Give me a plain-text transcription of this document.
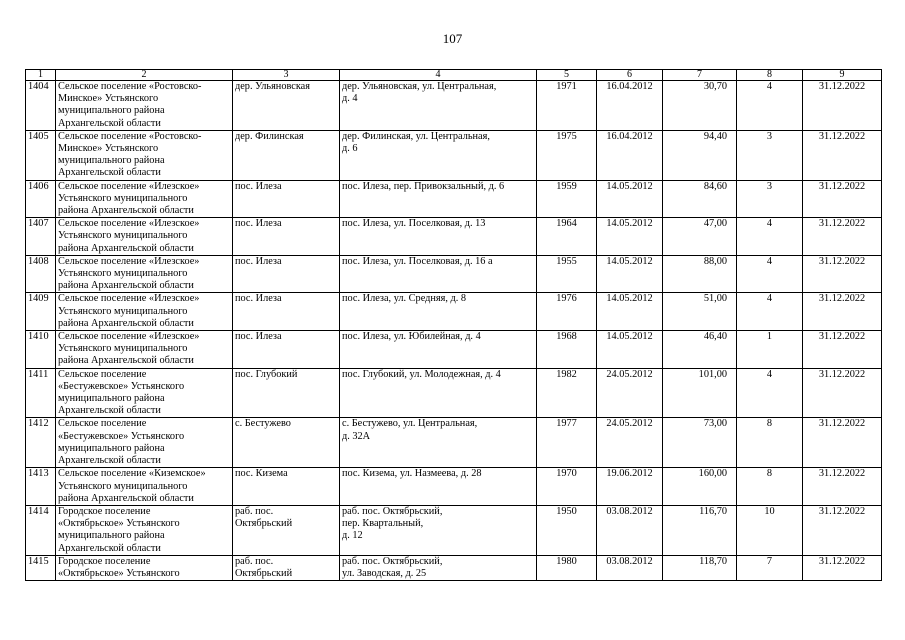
107
1	2	3	4	5	6	7	8	9
1404	Сельское поселение «Ростовско-
Минское» Устьянского
муниципального района
Архангельской области	дер. Ульяновская	дер. Ульяновская, ул. Центральная,
д. 4	1971	16.04.2012	30,70	4	31.12.2022
1405	Сельское поселение «Ростовско-
Минское» Устьянского
муниципального района
Архангельской области	дер. Филинская	дер. Филинская, ул. Центральная,
д. 6	1975	16.04.2012	94,40	3	31.12.2022
1406	Сельское поселение «Илезское»
Устьянского муниципального
района Архангельской области	пос. Илеза	пос. Илеза, пер. Привокзальный, д. 6	1959	14.05.2012	84,60	3	31.12.2022
1407	Сельское поселение «Илезское»
Устьянского муниципального
района Архангельской области	пос. Илеза	пос. Илеза, ул. Поселковая, д. 13	1964	14.05.2012	47,00	4	31.12.2022
1408	Сельское поселение «Илезское»
Устьянского муниципального
района Архангельской области	пос. Илеза	пос. Илеза, ул. Поселковая, д. 16 а	1955	14.05.2012	88,00	4	31.12.2022
1409	Сельское поселение «Илезское»
Устьянского муниципального
района Архангельской области	пос. Илеза	пос. Илеза, ул. Средняя, д. 8	1976	14.05.2012	51,00	4	31.12.2022
1410	Сельское поселение «Илезское»
Устьянского муниципального
района Архангельской области	пос. Илеза	пос. Илеза, ул. Юбилейная, д. 4	1968	14.05.2012	46,40	1	31.12.2022
1411	Сельское поселение
«Бестужевское» Устьянского
муниципального района
Архангельской области	пос. Глубокий	пос. Глубокий, ул. Молодежная, д. 4	1982	24.05.2012	101,00	4	31.12.2022
1412	Сельское поселение
«Бестужевское» Устьянского
муниципального района
Архангельской области	с. Бестужево	с. Бестужево, ул. Центральная,
д. 32А	1977	24.05.2012	73,00	8	31.12.2022
1413	Сельское поселение «Киземское»
Устьянского муниципального
района Архангельской области	пос. Кизема	пос. Кизема, ул. Назмеева, д. 28	1970	19.06.2012	160,00	8	31.12.2022
1414	Городское поселение
«Октябрьское» Устьянского
муниципального района
Архангельской области	раб. пос.
Октябрьский	раб. пос. Октябрьский,
пер. Квартальный,
д. 12	1950	03.08.2012	116,70	10	31.12.2022
1415	Городское поселение
«Октябрьское» Устьянского	раб. пос.
Октябрьский	раб. пос. Октябрьский,
ул. Заводская, д. 25	1980	03.08.2012	118,70	7	31.12.2022
